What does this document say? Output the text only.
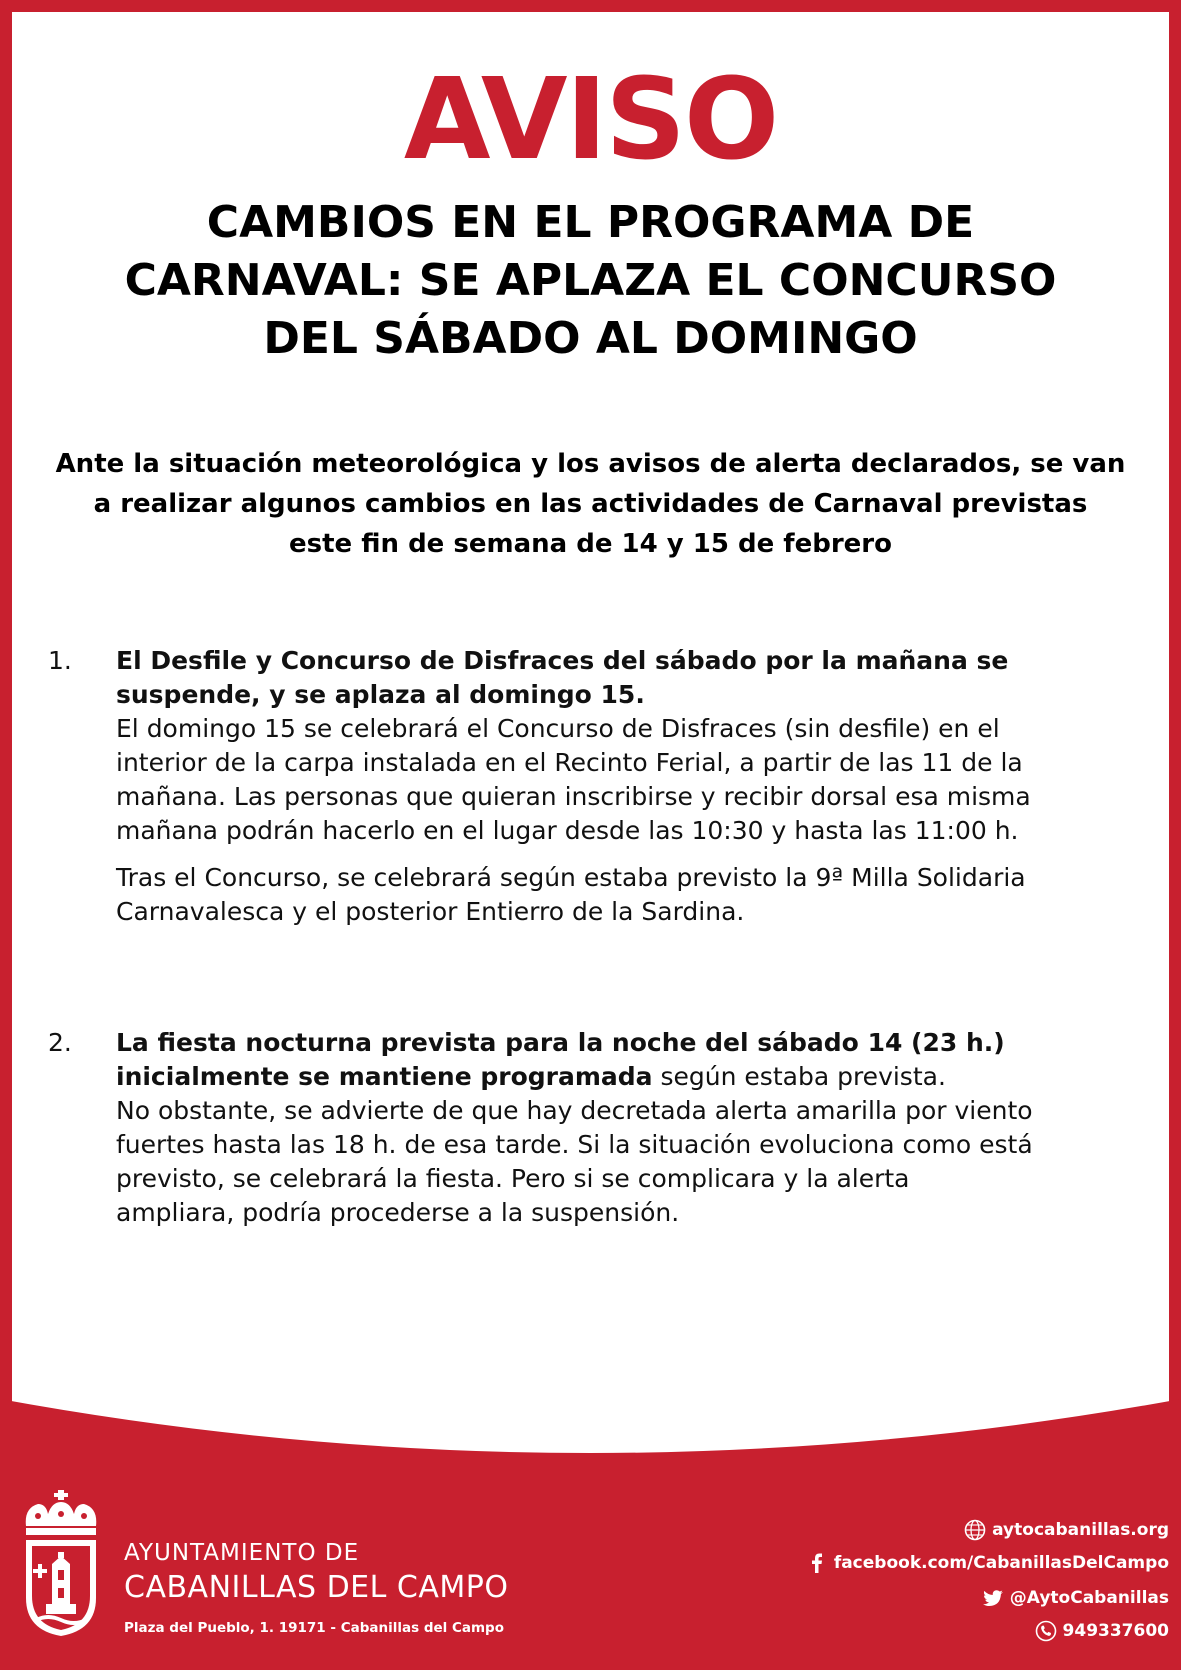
AVISO
CAMBIOS EN EL PROGRAMA DE
CARNAVAL: SE APLAZA EL CONCURSO
DEL SÁBADO AL DOMINGO

Ante la situación meteorológica y los avisos de alerta declarados, se van
a realizar algunos cambios en las actividades de Carnaval previstas
este fin de semana de 14 y 15 de febrero

1.	El Desfile y Concurso de Disfraces del sábado por la mañana se
suspende, y se aplaza al domingo 15.
El domingo 15 se celebrará el Concurso de Disfraces (sin desfile) en el
interior de la carpa instalada en el Recinto Ferial, a partir de las 11 de la
mañana. Las personas que quieran inscribirse y recibir dorsal esa misma
mañana podrán hacerlo en el lugar desde las 10:30 y hasta las 11:00 h.
Tras el Concurso, se celebrará según estaba previsto la 9ª Milla Solidaria
Carnavalesca y el posterior Entierro de la Sardina.
2.	La fiesta nocturna prevista para la noche del sábado 14 (23 h.)
inicialmente se mantiene programada según estaba prevista.
No obstante, se advierte de que hay decretada alerta amarilla por viento
fuertes hasta las 18 h. de esa tarde. Si la situación evoluciona como está
previsto, se celebrará la fiesta. Pero si se complicara y la alerta
ampliara, podría procederse a la suspensión.
AYUNTAMIENTO DE
CABANILLAS DEL CAMPO
Plaza del Pueblo, 1. 19171 - Cabanillas del Campo
aytocabanillas.org
facebook.com/CabanillasDelCampo
@AytoCabanillas
949337600
